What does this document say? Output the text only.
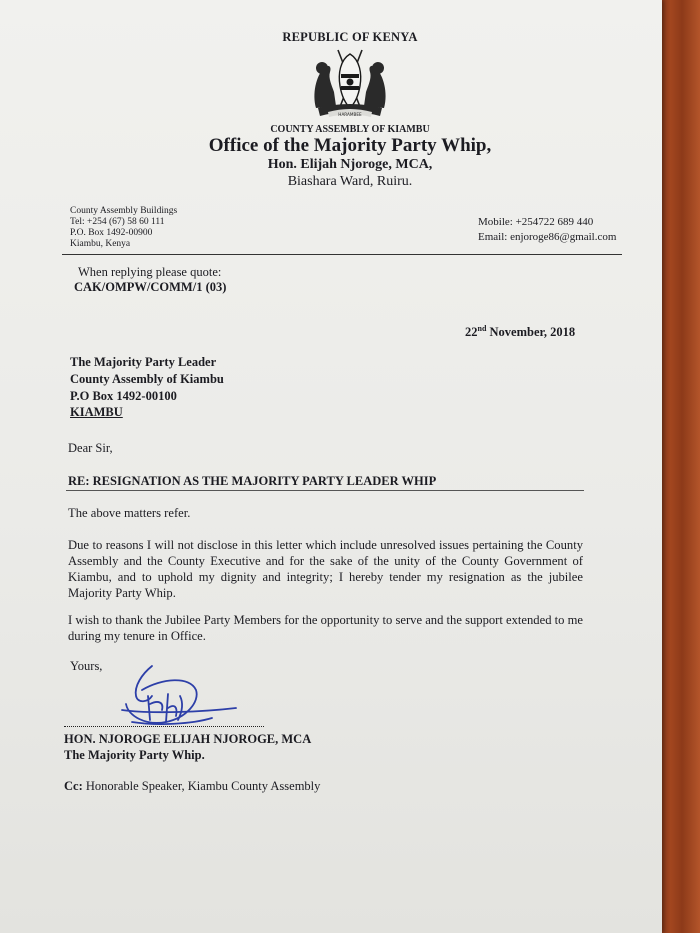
REPUBLIC OF KENYA
HARAMBEE
COUNTY ASSEMBLY OF KIAMBU
Office of the Majority Party Whip,
Hon. Elijah Njoroge, MCA,
Biashara Ward, Ruiru.
County Assembly Buildings
Tel: +254 (67) 58 60 111
P.O. Box 1492-00900
Kiambu, Kenya
Mobile: +254722 689 440
Email: enjoroge86@gmail.com
When replying please quote:
CAK/OMPW/COMM/1 (03)
22nd November, 2018
The Majority Party Leader
County Assembly of Kiambu
P.O Box 1492-00100
KIAMBU
Dear Sir,
RE: RESIGNATION AS THE MAJORITY PARTY LEADER WHIP
The above matters refer.
Due to reasons I will not disclose in this letter which include unresolved issues pertaining the County Assembly and the County Executive and for the sake of the unity of the County Government of Kiambu, and to uphold my dignity and integrity; I hereby tender my resignation as the jubilee Majority Party Whip.
I wish to thank the Jubilee Party Members for the opportunity to serve and the support extended to me during my tenure in Office.
Yours,
HON. NJOROGE ELIJAH NJOROGE, MCA
The Majority Party Whip.
Cc: Honorable Speaker, Kiambu County Assembly
